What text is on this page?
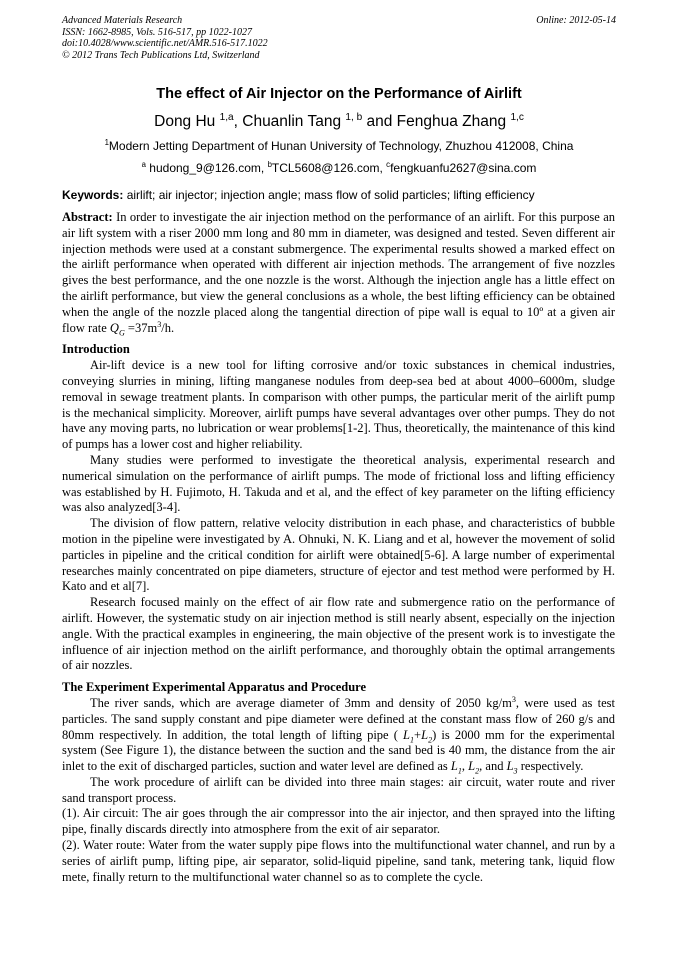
Advanced Materials Research
ISSN: 1662-8985, Vols. 516-517, pp 1022-1027
doi:10.4028/www.scientific.net/AMR.516-517.1022
© 2012 Trans Tech Publications Ltd, Switzerland
Online: 2012-05-14
The effect of Air Injector on the Performance of Airlift
Dong Hu $^{1,a}$, Chuanlin Tang $^{1, b}$ and Fenghua Zhang $^{1,c}$
$^1$Modern Jetting Department of Hunan University of Technology, Zhuzhou 412008, China
$^a$ hudong_9@126.com, $^b$TCL5608@126.com, $^c$fengkuanfu2627@sina.com
Keywords: airlift; air injector; injection angle; mass flow of solid particles; lifting efficiency

Abstract: In order to investigate the air injection method on the performance of an airlift. For this purpose an air lift system with a riser 2000 mm long and 80 mm in diameter, was designed and tested. Seven different air injection methods were used at a constant submergence. The experimental results showed a marked effect on the airlift performance when operated with different air injection methods. The arrangement of five nozzles gives the best performance, and the one nozzle is the worst. Although the injection angle has a little effect on the airlift performance, but view the general conclusions as a whole, the best lifting efficiency can be obtained when the angle of the nozzle placed along the tangential direction of pipe wall is equal to 10º at a given air flow rate $Q_G =37m^3/h$.

Introduction

Air-lift device is a new tool for lifting corrosive and/or toxic substances in chemical industries, conveying slurries in mining, lifting manganese nodules from deep-sea bed at about 4000–6000m, sludge removal in sewage treatment plants. In comparison with other pumps, the particular merit of the airlift pump is the mechanical simplicity. Moreover, airlift pumps have several advantages over other pumps. They do not have any moving parts, no lubrication or wear problems[1-2]. Thus, theoretically, the maintenance of this kind of pumps has a lower cost and higher reliability.

Many studies were performed to investigate the theoretical analysis, experimental research and numerical simulation on the performance of airlift pumps. The mode of frictional loss and lifting efficiency was established by H. Fujimoto, H. Takuda and et al, and the effect of key parameter on the lifting efficiency was also analyzed[3-4].

The division of flow pattern, relative velocity distribution in each phase, and characteristics of bubble motion in the pipeline were investigated by A. Ohnuki, N. K. Liang and et al, however the movement of solid particles in pipeline and the critical condition for airlift were obtained[5-6]. A large number of experimental researches mainly concentrated on pipe diameters, structure of ejector and test method were performed by H. Kato and et al[7].

Research focused mainly on the effect of air flow rate and submergence ratio on the performance of airlift. However, the systematic study on air injection method is still nearly absent, especially on the injection angle. With the practical examples in engineering, the main objective of the present work is to investigate the influence of air injection method on the airlift performance, and thoroughly obtain the optimal arrangements of air nozzles.

The Experiment Experimental Apparatus and Procedure

The river sands, which are average diameter of 3mm and density of 2050 $kg/m^3$, were used as test particles. The sand supply constant and pipe diameter were defined at the constant mass flow of 260 g/s and 80mm respectively. In addition, the total length of lifting pipe ( $L_1+L_2$) is 2000 mm for the experimental system (See Figure 1), the distance between the suction and the sand bed is 40 mm, the distance from the air inlet to the exit of discharged particles, suction and water level are defined as $L_1$, $L_2$, and $L_3$ respectively.

The work procedure of airlift can be divided into three main stages: air circuit, water route and river sand transport process.

(1). Air circuit: The air goes through the air compressor into the air injector, and then sprayed into the lifting pipe, finally discards directly into atmosphere from the exit of air separator.

(2). Water route: Water from the water supply pipe flows into the multifunctional water channel, and run by a series of airlift pump, lifting pipe, air separator, solid-liquid pipeline, sand tank, metering tank, liquid flow mete, finally return to the multifunctional water channel so as to complete the cycle.
